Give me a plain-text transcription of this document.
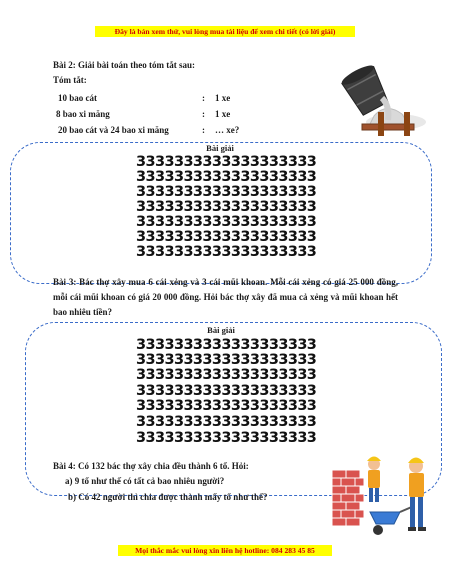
Đây là bản xem thử, vui lòng mua tài liệu để xem chi tiết (có lời giải)
Bài 2: Giải bài toán theo tóm tắt sau:
Tóm tắt:
10 bao cát	: 1 xe
8 bao xi măng	: 1 xe
20 bao cát và 24 bao xi măng	: … xe?
Bài giải
3333333333333333333
3333333333333333333
3333333333333333333
3333333333333333333
3333333333333333333
3333333333333333333
3333333333333333333
Bài 3: Bác thợ xây mua 6 cái xẻng và 3 cái mũi khoan. Mỗi cái xẻng có giá 25 000 đồng, mỗi cái mũi khoan có giá 20 000 đồng. Hỏi bác thợ xây đã mua cả xẻng và mũi khoan hết bao nhiêu tiền?
Bài giải
3333333333333333333
3333333333333333333
3333333333333333333
3333333333333333333
3333333333333333333
3333333333333333333
3333333333333333333
Bài 4: Có 132 bác thợ xây chia đều thành 6 tổ. Hỏi:
a) 9 tổ như thế có tất cả bao nhiêu người?
b) Có 42 người thì chia được thành mấy tổ như thế?
Mọi thắc mắc vui lòng xin liên hệ hotline: 084 283 45 85
